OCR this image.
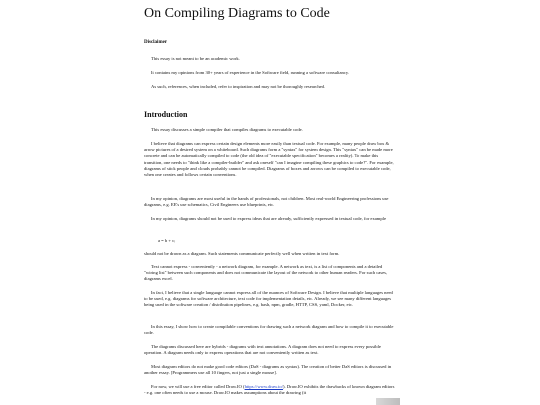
On Compiling Diagrams to Code
Disclaimer

This essay is not meant to be an academic work.

It contains my opinions from 30+ years of experience in the Software field, running a software consultancy.

As such, references, when included, refer to inspiration and may not be thoroughly researched.

Introduction

This essay discusses a simple compiler that compiles diagrams to executable code.

I believe that diagrams can express certain design elements more easily than textual code. For example, many people draw box & arrow pictures of a desired system on a whiteboard. Such diagrams form a "syntax" for system design. This "syntax" can be made more concrete and can be automatically compiled to code (the old idea of "executable specification" becomes a reality). To make this transition, one needs to "think like a compiler-builder" and ask oneself "can I imagine compiling these graphics to code?". For example, diagrams of stick people and clouds probably cannot be compiled. Diagrams of boxes and arrows can be compiled to executable code, when one creates and follows certain conventions.

In my opinion, diagrams are most useful in the hands of professionals, not children. Most real-world Engineering professions use diagrams, e.g. EE's use schematics, Civil Engineers use blueprints, etc.

In my opinion, diagrams should not be used to express ideas that are already, sufficiently expressed in textual code, for example

a = b + c;

should not be drawn as a diagram. Such statements communicate perfectly well when written in text form.

Text cannot express - conveniently - a network diagram, for example. A network as text, is a list of components and a detailed "wiring list" between such components and does not communicate the layout of the network to other human readers. For such cases, diagrams excel.

In fact, I believe that a single language cannot express all of the nuances of Software Design. I believe that multiple languages need to be used, e.g. diagrams for software architecture, text code for implementation details, etc. Already, we see many different languages being used in the software creation / distribution pipelines, e.g. bash, npm, gradle, HTTP, CSS, yaml, Docker, etc.

In this essay, I show how to create compilable conventions for drawing such a network diagram and how to compile it to executable code.

The diagrams discussed here are hybrids - diagrams with text annotations. A diagram does not need to express every possible operation. A diagram needs only to express operations that are not conveniently written as text.

Most diagram editors do not make good code editors (DaS - diagrams as syntax). The creation of better DaS editors is discussed in another essay. [Programmers use all 10 fingers, not just a single mouse].

For now, we will use a free editor called Draw.IO (https://www.draw.io/). Draw.IO exhibits the drawbacks of known diagram editors - e.g. one often needs to use a mouse. Draw.IO makes assumptions about the drawing (it
